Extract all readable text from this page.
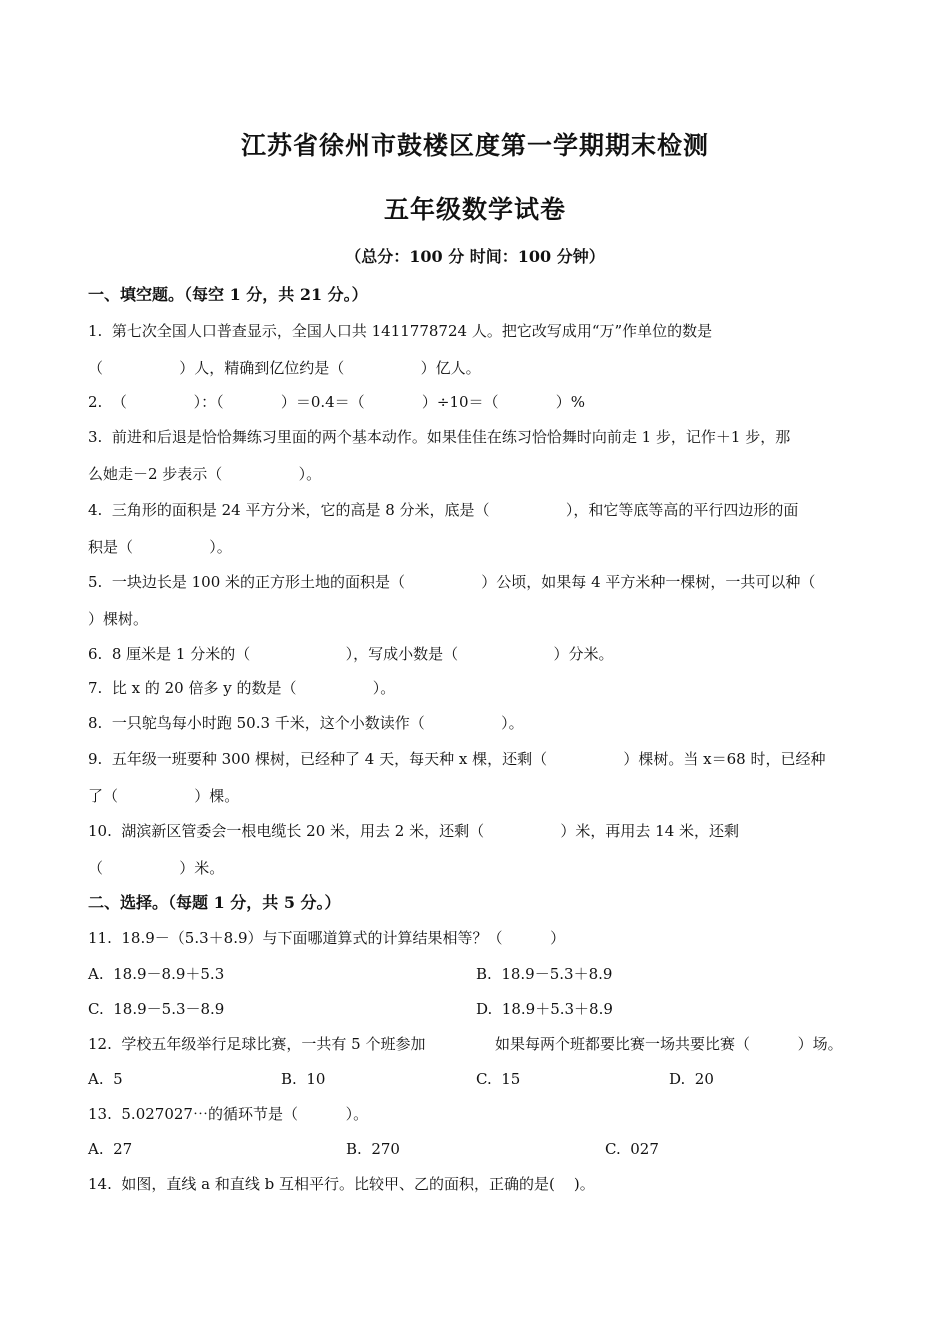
江苏省徐州市鼓楼区度第一学期期末检测
五年级数学试卷
（总分：100 分 时间：100 分钟）
一、填空题。（每空 1 分，共 21 分。）
1.  第七次全国人口普查显示，全国人口共 1411778724 人。把它改写成用“万”作单位的数是
（                ）人，精确到亿位约是（                ）亿人。
2.  （              ）：（            ）＝0.4＝（            ）÷10＝（            ）%
3.  前进和后退是恰恰舞练习里面的两个基本动作。如果佳佳在练习恰恰舞时向前走 1 步，记作＋1 步，那
么她走－2 步表示（                ）。
4.  三角形的面积是 24 平方分米，它的高是 8 分米，底是（                ），和它等底等高的平行四边形的面
积是（                ）。
5.  一块边长是 100 米的正方形土地的面积是（                ）公顷，如果每 4 平方米种一棵树，一共可以种（
）棵树。
6.  8 厘米是 1 分米的（                    ），写成小数是（                    ）分米。
7.  比 x 的 20 倍多 y 的数是（                ）。
8.  一只鸵鸟每小时跑 50.3 千米，这个小数读作（                ）。
9.  五年级一班要种 300 棵树，已经种了 4 天，每天种 x 棵，还剩（                ）棵树。当 x＝68 时，已经种
了（                ）棵。
10.  湖滨新区管委会一根电缆长 20 米，用去 2 米，还剩（                ）米，再用去 14 米，还剩
（                ）米。
二、选择。（每题 1 分，共 5 分。）
11.  18.9－（5.3＋8.9）与下面哪道算式的计算结果相等？（          ）
A.  18.9－8.9＋5.3	B.  18.9－5.3＋8.9
C.  18.9－5.3－8.9	D.  18.9＋5.3＋8.9
12.  学校五年级举行足球比赛，一共有 5 个班参加	如果每两个班都要比赛一场共要比赛（          ）场。
A.  5	B.  10	C.  15	D.  20
13.  5.027027⋯的循环节是（          ）。
A.  27	B.  270	C.  027
14.  如图，直线 a 和直线 b 互相平行。比较甲、乙的面积，正确的是(    )。
